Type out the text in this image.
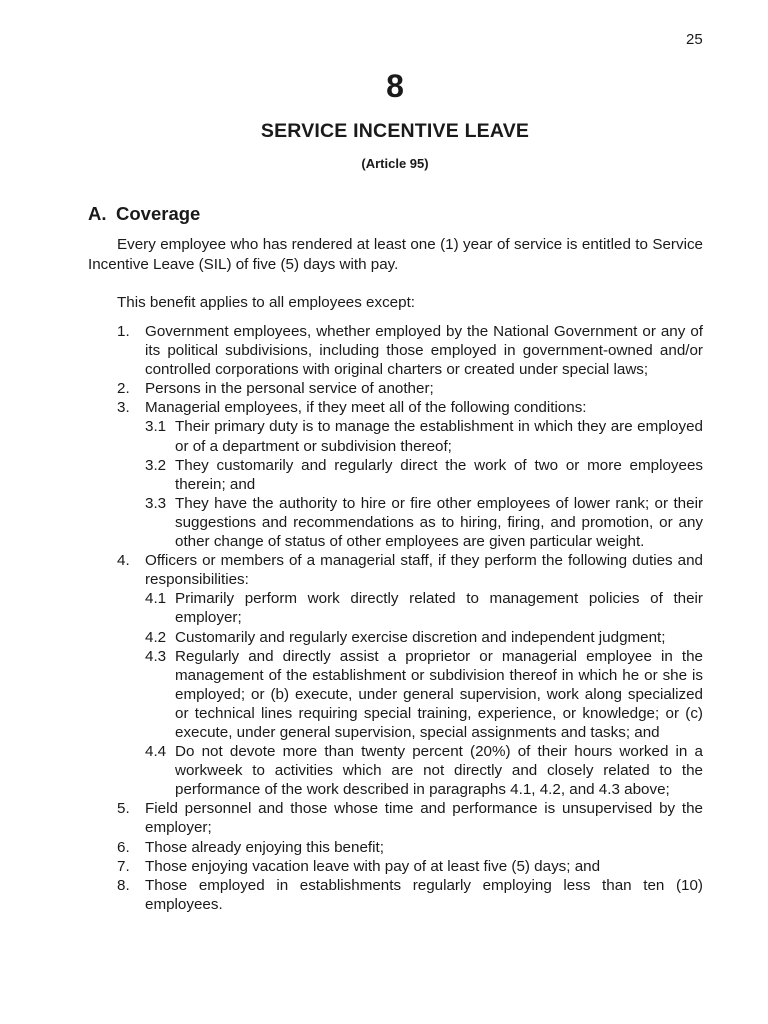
25
8
SERVICE INCENTIVE LEAVE
(Article 95)
A. Coverage

Every employee who has rendered at least one (1) year of service is entitled to Service Incentive Leave (SIL) of five (5) days with pay.

This benefit applies to all employees except:

1. Government employees, whether employed by the National Government or any of its political subdivisions, including those employed in government-owned and/or controlled corporations with original charters or created under special laws;
2. Persons in the personal service of another;
3. Managerial employees, if they meet all of the following conditions:
3.1 Their primary duty is to manage the establishment in which they are employed or of a department or subdivision thereof;
3.2 They customarily and regularly direct the work of two or more employees therein; and
3.3 They have the authority to hire or fire other employees of lower rank; or their suggestions and recommendations as to hiring, firing, and promotion, or any other change of status of other employees are given particular weight.
4. Officers or members of a managerial staff, if they perform the following duties and responsibilities:
4.1 Primarily perform work directly related to management policies of their employer;
4.2 Customarily and regularly exercise discretion and independent judgment;
4.3 Regularly and directly assist a proprietor or managerial employee in the management of the establishment or subdivision thereof in which he or she is employed; or (b) execute, under general supervision, work along specialized or technical lines requiring special training, experience, or knowledge; or (c) execute, under general supervision, special assignments and tasks; and
4.4 Do not devote more than twenty percent (20%) of their hours worked in a workweek to activities which are not directly and closely related to the performance of the work described in paragraphs 4.1, 4.2, and 4.3 above;
5. Field personnel and those whose time and performance is unsupervised by the employer;
6. Those already enjoying this benefit;
7. Those enjoying vacation leave with pay of at least five (5) days; and
8. Those employed in establishments regularly employing less than ten (10) employees.
